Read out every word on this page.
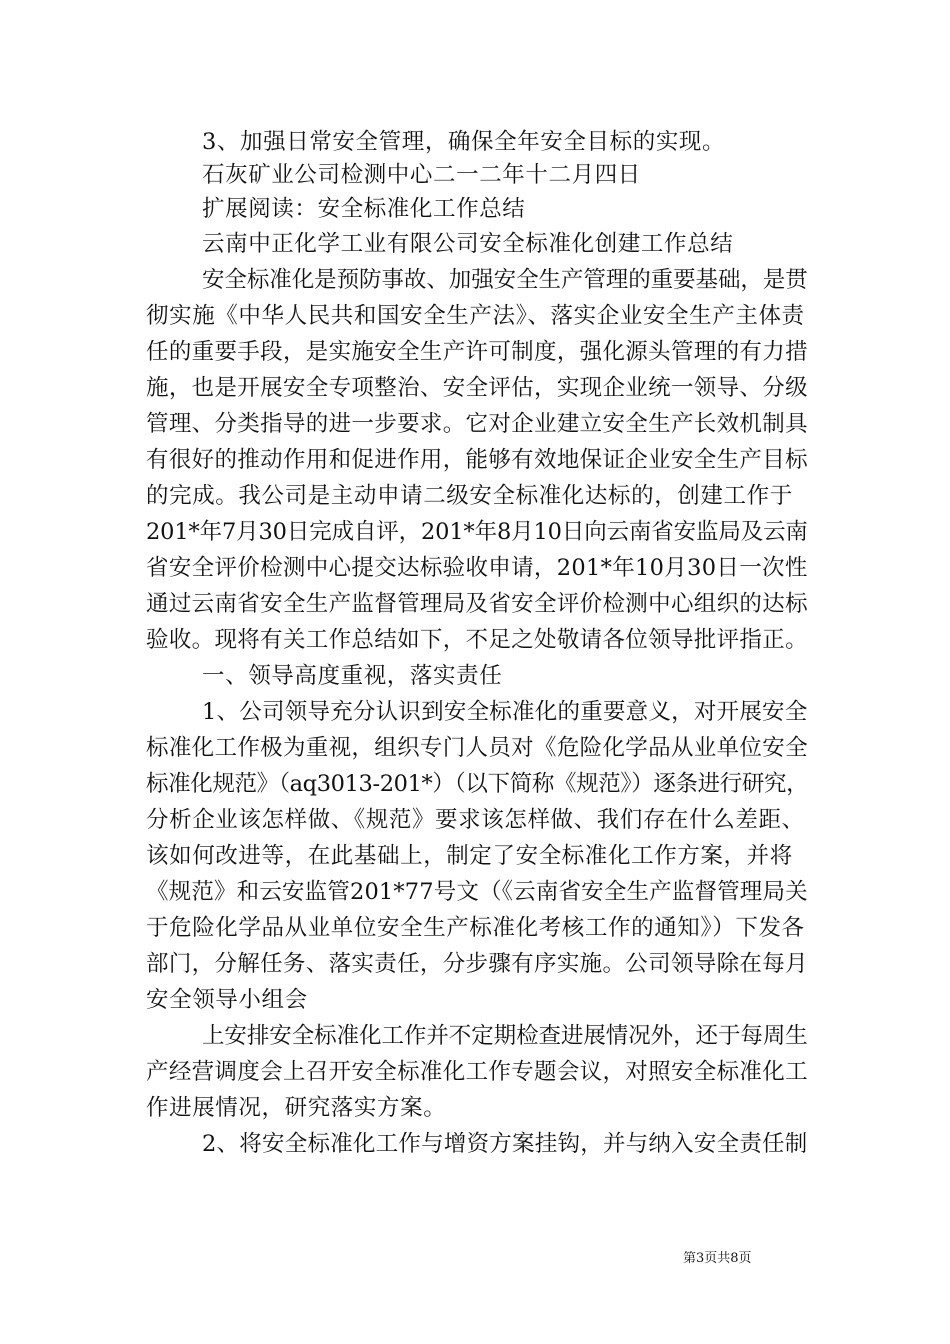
3、加强日常安全管理，确保全年安全目标的实现。
石灰矿业公司检测中心二一二年十二月四日
扩展阅读：安全标准化工作总结
云南中正化学工业有限公司安全标准化创建工作总结
安全标准化是预防事故、加强安全生产管理的重要基础，是贯
彻实施《中华人民共和国安全生产法》、落实企业安全生产主体责
任的重要手段，是实施安全生产许可制度，强化源头管理的有力措
施，也是开展安全专项整治、安全评估，实现企业统一领导、分级
管理、分类指导的进一步要求。它对企业建立安全生产长效机制具
有很好的推动作用和促进作用，能够有效地保证企业安全生产目标
的完成。我公司是主动申请二级安全标准化达标的，创建工作于
201*年7月30日完成自评，201*年8月10日向云南省安监局及云南
省安全评价检测中心提交达标验收申请，201*年10月30日一次性
通过云南省安全生产监督管理局及省安全评价检测中心组织的达标
验收。现将有关工作总结如下，不足之处敬请各位领导批评指正。
一、领导高度重视，落实责任
1、公司领导充分认识到安全标准化的重要意义，对开展安全
标准化工作极为重视，组织专门人员对《危险化学品从业单位安全
标准化规范》（aq3013-201*）（以下简称《规范》）逐条进行研究，
分析企业该怎样做、《规范》要求该怎样做、我们存在什么差距、
该如何改进等，在此基础上，制定了安全标准化工作方案，并将
《规范》和云安监管201*77号文（《云南省安全生产监督管理局关
于危险化学品从业单位安全生产标准化考核工作的通知》）下发各
部门，分解任务、落实责任，分步骤有序实施。公司领导除在每月
安全领导小组会
上安排安全标准化工作并不定期检查进展情况外，还于每周生
产经营调度会上召开安全标准化工作专题会议，对照安全标准化工
作进展情况，研究落实方案。
2、将安全标准化工作与增资方案挂钩，并与纳入安全责任制
第3页共8页
